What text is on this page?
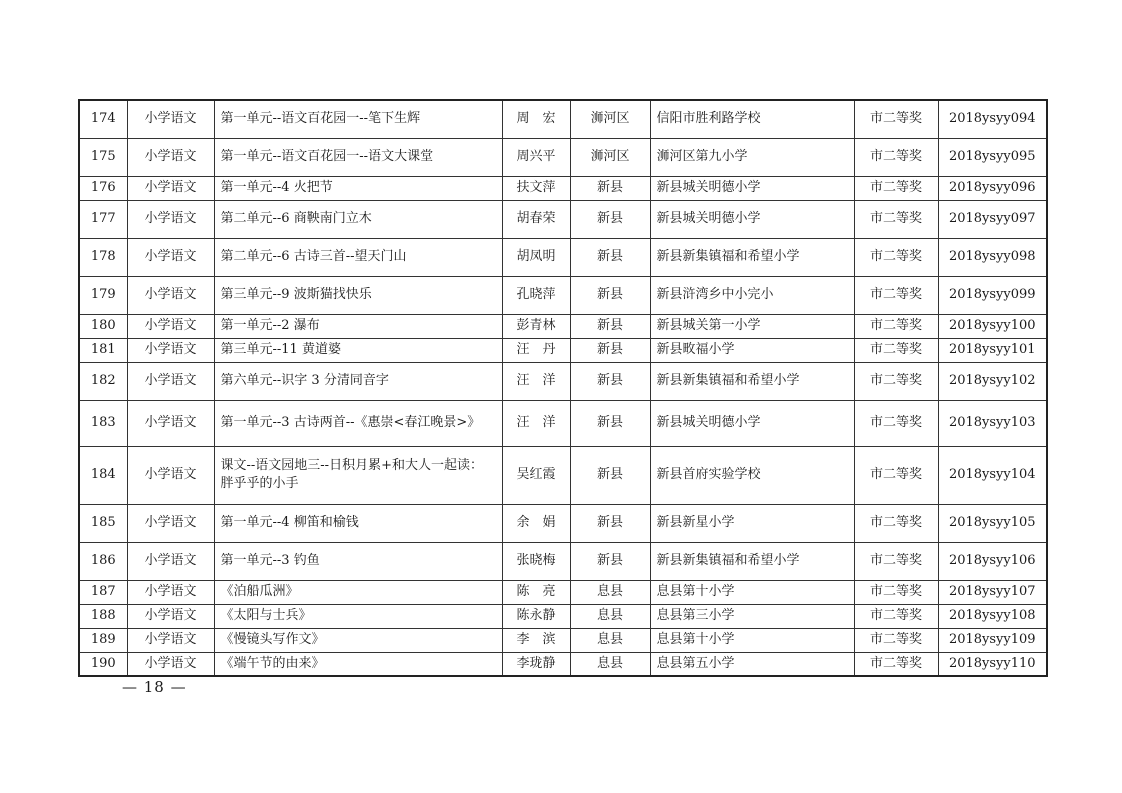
174	小学语文	第一单元--语文百花园一--笔下生辉	周　宏	浉河区	信阳市胜利路学校	市二等奖	2018ysyy094
175	小学语文	第一单元--语文百花园一--语文大课堂	周兴平	浉河区	浉河区第九小学	市二等奖	2018ysyy095
176	小学语文	第一单元--4 火把节	扶文萍	新县	新县城关明德小学	市二等奖	2018ysyy096
177	小学语文	第二单元--6 商鞅南门立木	胡春荣	新县	新县城关明德小学	市二等奖	2018ysyy097
178	小学语文	第二单元--6 古诗三首--望天门山	胡凤明	新县	新县新集镇福和希望小学	市二等奖	2018ysyy098
179	小学语文	第三单元--9 波斯猫找快乐	孔晓萍	新县	新县浒湾乡中小完小	市二等奖	2018ysyy099
180	小学语文	第一单元--2 瀑布	彭青林	新县	新县城关第一小学	市二等奖	2018ysyy100
181	小学语文	第三单元--11 黄道婆	汪　丹	新县	新县畋福小学	市二等奖	2018ysyy101
182	小学语文	第六单元--识字 3 分清同音字	汪　洋	新县	新县新集镇福和希望小学	市二等奖	2018ysyy102
183	小学语文	第一单元--3 古诗两首--《惠崇<春江晚景>》	汪　洋	新县	新县城关明德小学	市二等奖	2018ysyy103
184	小学语文	课文--语文园地三--日积月累+和大人一起读：胖乎乎的小手	吴红霞	新县	新县首府实验学校	市二等奖	2018ysyy104
185	小学语文	第一单元--4 柳笛和榆钱	余　娟	新县	新县新星小学	市二等奖	2018ysyy105
186	小学语文	第一单元--3 钓鱼	张晓梅	新县	新县新集镇福和希望小学	市二等奖	2018ysyy106
187	小学语文	《泊船瓜洲》	陈　亮	息县	息县第十小学	市二等奖	2018ysyy107
188	小学语文	《太阳与士兵》	陈永静	息县	息县第三小学	市二等奖	2018ysyy108
189	小学语文	《慢镜头写作文》	李　滨	息县	息县第十小学	市二等奖	2018ysyy109
190	小学语文	《端午节的由来》	李珑静	息县	息县第五小学	市二等奖	2018ysyy110
— 18 —
